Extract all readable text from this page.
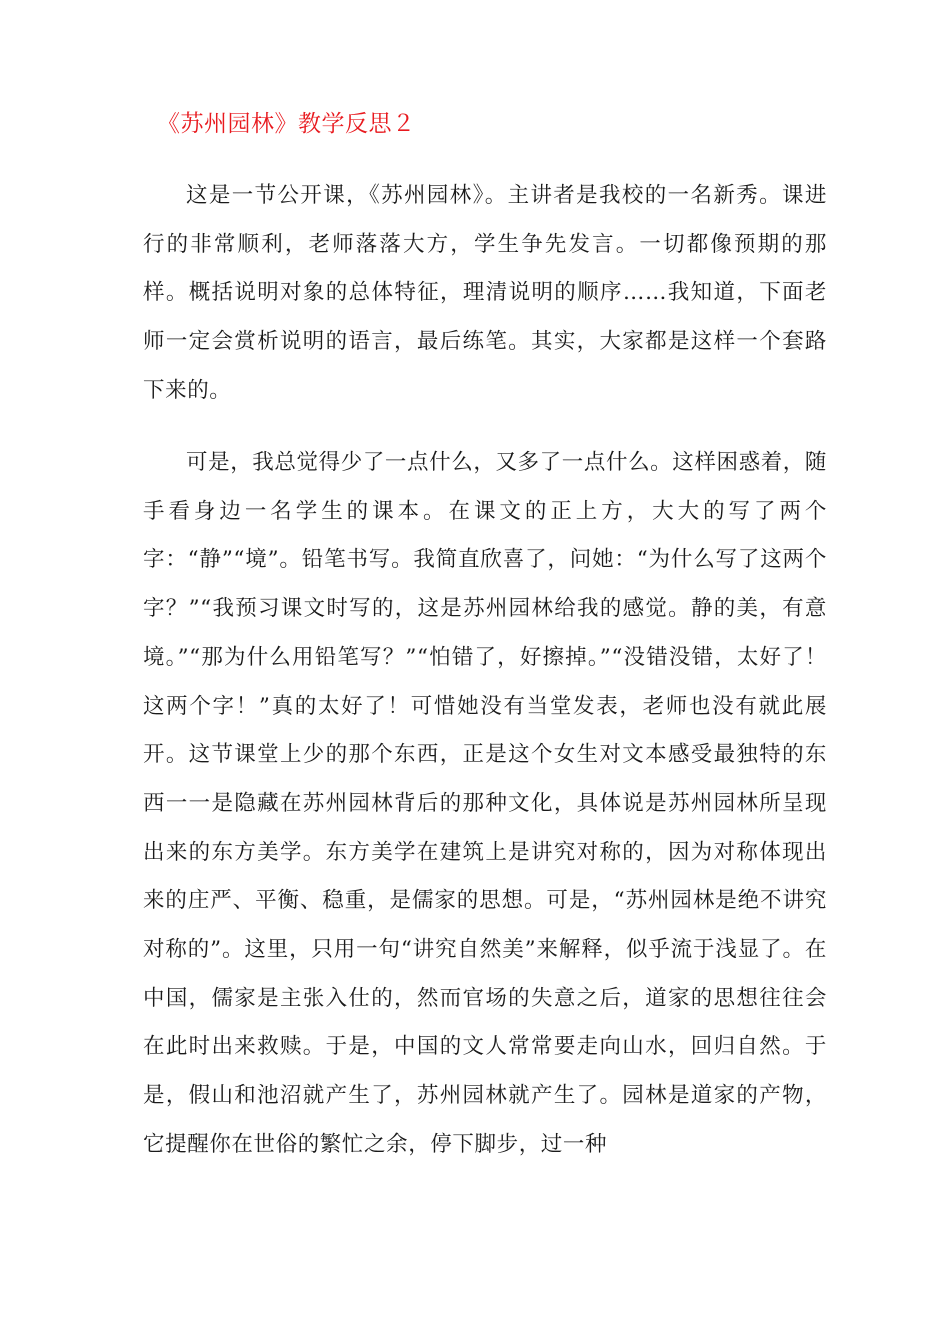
《苏州园林》教学反思２

这是一节公开课，《苏州园林》。主讲者是我校的一名新秀。课进行的非常顺利，老师落落大方，学生争先发言。一切都像预期的那样。概括说明对象的总体特征，理清说明的顺序……我知道，下面老师一定会赏析说明的语言，最后练笔。其实，大家都是这样一个套路下来的。

可是，我总觉得少了一点什么，又多了一点什么。这样困惑着，随手看身边一名学生的课本。在课文的正上方，大大的写了两个字：“静”“境”。铅笔书写。我简直欣喜了，问她：“为什么写了这两个字？”“我预习课文时写的，这是苏州园林给我的感觉。静的美，有意境。”“那为什么用铅笔写？”“怕错了，好擦掉。”“没错没错，太好了！这两个字！”真的太好了！可惜她没有当堂发表，老师也没有就此展开。这节课堂上少的那个东西，正是这个女生对文本感受最独特的东西一一是隐藏在苏州园林背后的那种文化，具体说是苏州园林所呈现出来的东方美学。东方美学在建筑上是讲究对称的，因为对称体现出来的庄严、平衡、稳重，是儒家的思想。可是，“苏州园林是绝不讲究对称的”。这里，只用一句“讲究自然美”来解释，似乎流于浅显了。在中国，儒家是主张入仕的，然而官场的失意之后，道家的思想往往会在此时出来救赎。于是，中国的文人常常要走向山水，回归自然。于是，假山和池沼就产生了，苏州园林就产生了。园林是道家的产物，它提醒你在世俗的繁忙之余，停下脚步，过一种
